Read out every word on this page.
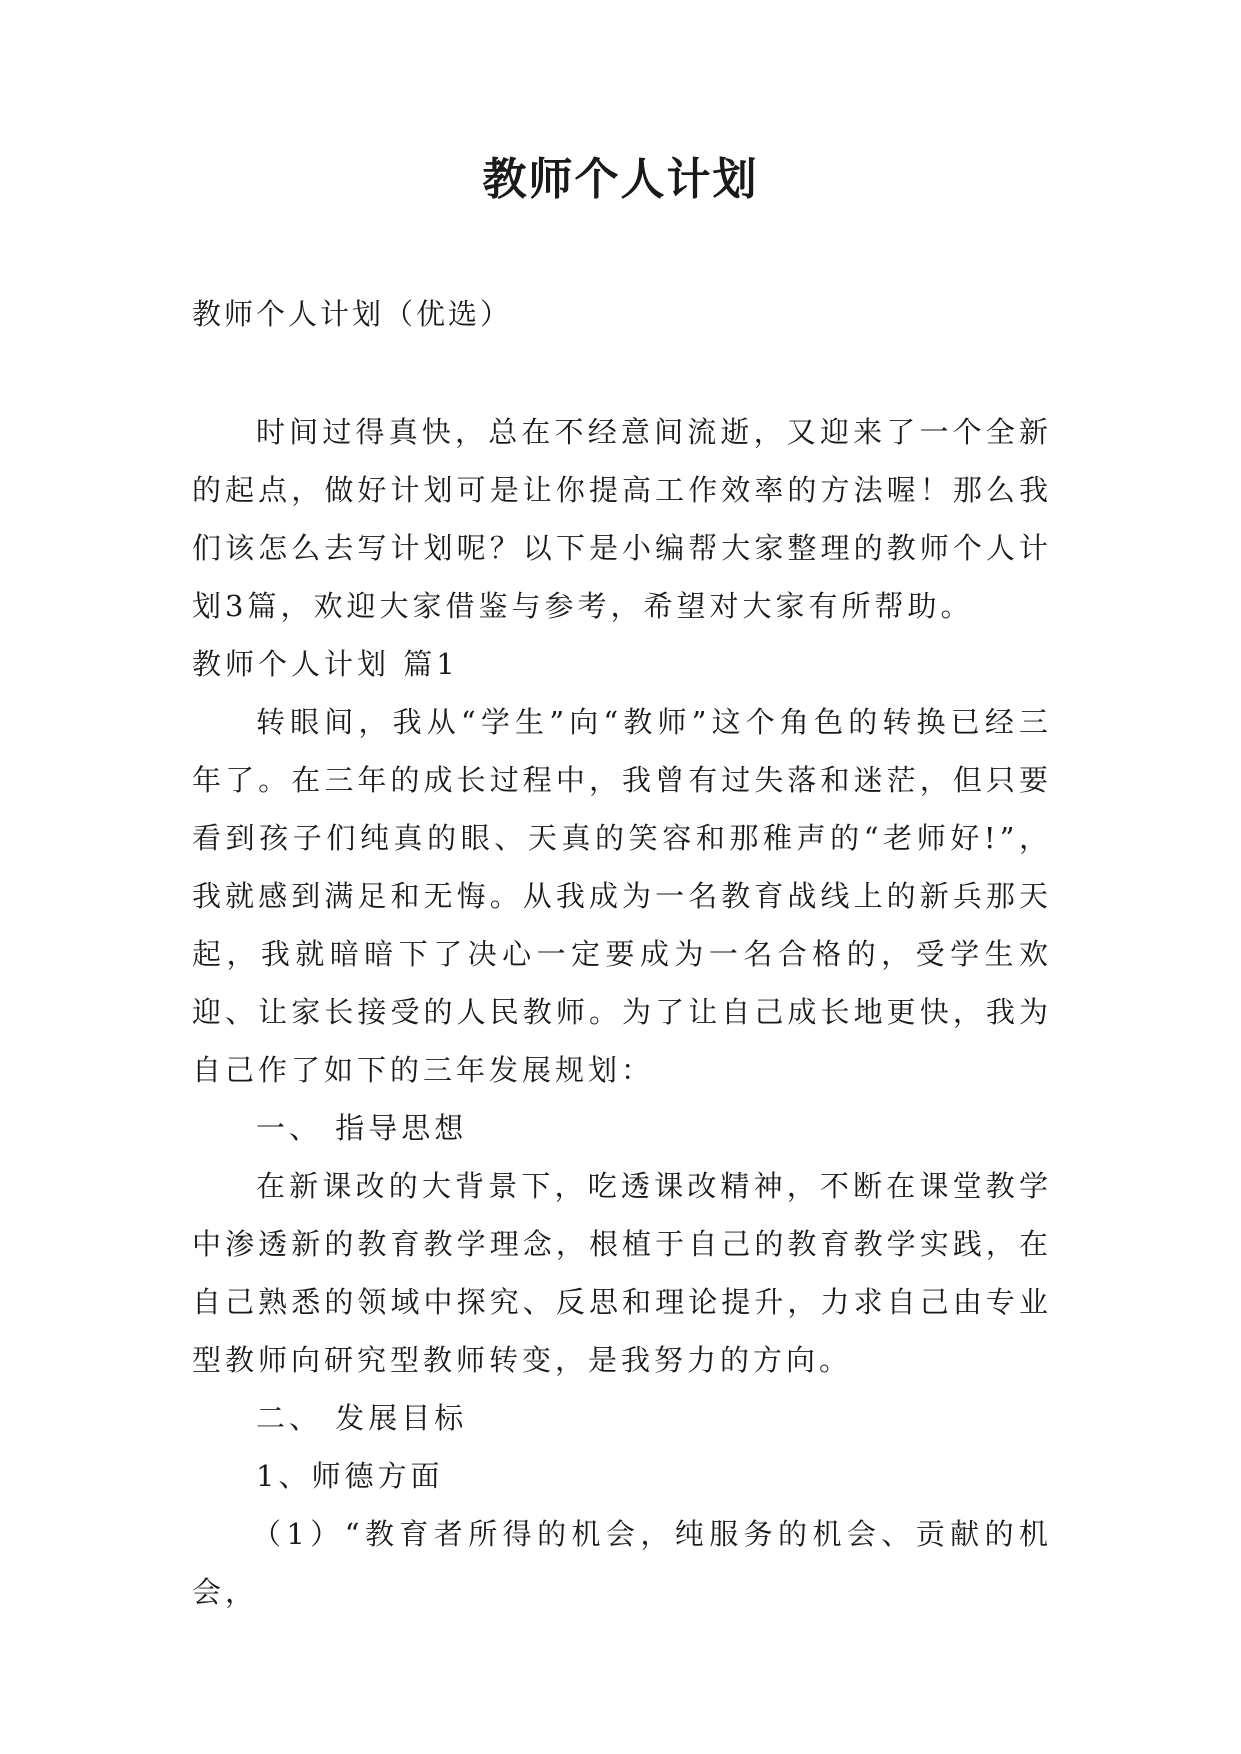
教师个人计划
教师个人计划（优选）

时间过得真快，总在不经意间流逝，又迎来了一个全新的起点，做好计划可是让你提高工作效率的方法喔！那么我们该怎么去写计划呢？以下是小编帮大家整理的教师个人计划3篇，欢迎大家借鉴与参考，希望对大家有所帮助。

教师个人计划 篇1

转眼间，我从“学生”向“教师”这个角色的转换已经三年了。在三年的成长过程中，我曾有过失落和迷茫，但只要看到孩子们纯真的眼、天真的笑容和那稚声的“老师好!”，我就感到满足和无悔。从我成为一名教育战线上的新兵那天起，我就暗暗下了决心一定要成为一名合格的，受学生欢迎、让家长接受的人民教师。为了让自己成长地更快，我为自己作了如下的三年发展规划：

一、 指导思想

在新课改的大背景下，吃透课改精神，不断在课堂教学中渗透新的教育教学理念，根植于自己的教育教学实践，在自己熟悉的领域中探究、反思和理论提升，力求自己由专业型教师向研究型教师转变，是我努力的方向。

二、 发展目标

1、师德方面

（1）“教育者所得的机会，纯服务的机会、贡献的机会，
